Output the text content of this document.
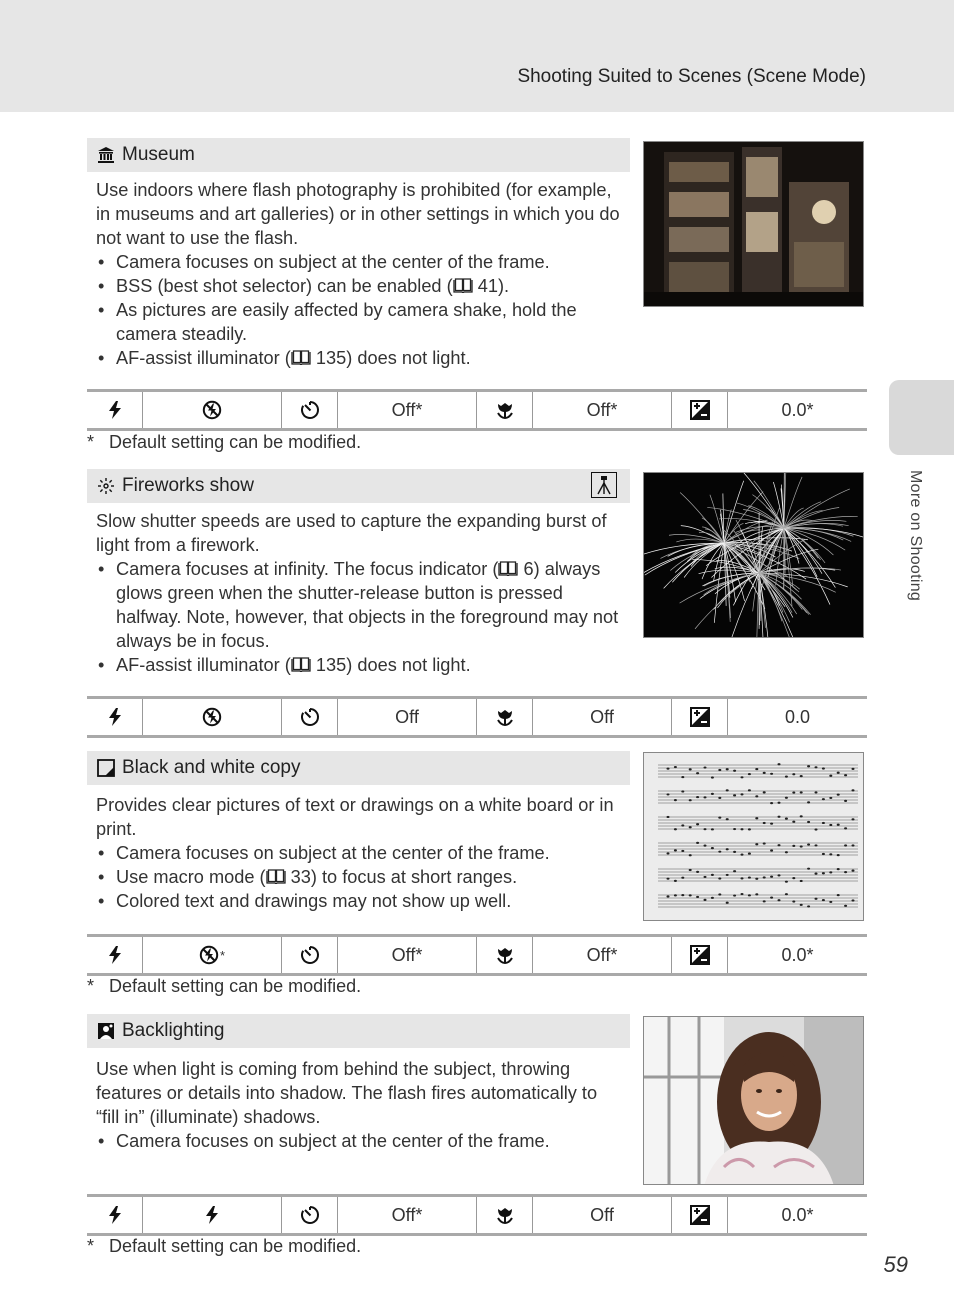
Shooting Suited to Scenes (Scene Mode)
More on Shooting
59
Museum

Use indoors where flash photography is prohibited (for example, in museums and art galleries) or in other settings in which you do not want to use the flash.

• Camera focuses on subject at the center of the frame.
• BSS (best shot selector) can be enabled ( 41).
• As pictures are easily affected by camera shake, hold the camera steadily.
• AF-assist illuminator ( 135) does not light.
Off*	Off*	0.0*
* Default setting can be modified.
Fireworks show

Slow shutter speeds are used to capture the expanding burst of light from a firework.

• Camera focuses at infinity. The focus indicator ( 6) always glows green when the shutter-release button is pressed halfway. Note, however, that objects in the foreground may not always be in focus.
• AF-assist illuminator ( 135) does not light.
Off	Off	0.0
Black and white copy

Provides clear pictures of text or drawings on a white board or in print.

• Camera focuses on subject at the center of the frame.
• Use macro mode ( 33) to focus at short ranges.
• Colored text and drawings may not show up well.
*	Off*	Off*	0.0*
* Default setting can be modified.
Backlighting

Use when light is coming from behind the subject, throwing features or details into shadow. The flash fires automatically to “fill in” (illuminate) shadows.

• Camera focuses on subject at the center of the frame.
Off*	Off	0.0*
* Default setting can be modified.
